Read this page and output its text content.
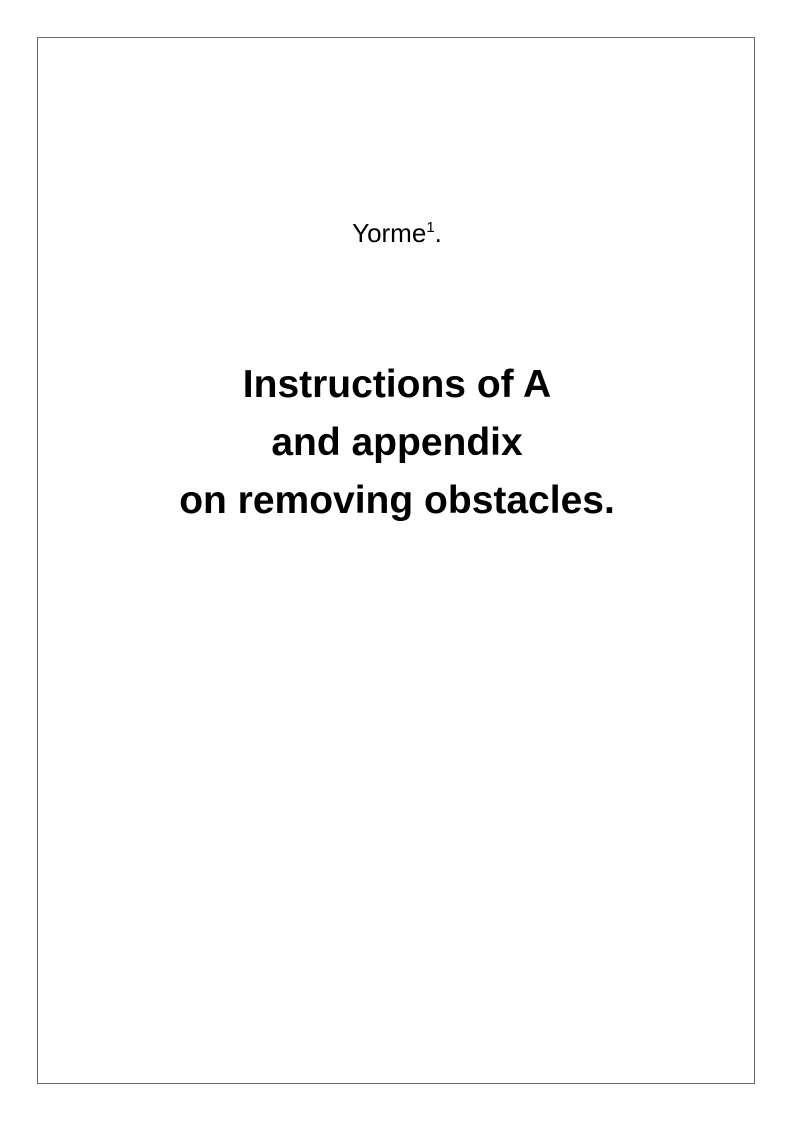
Yorme$^1$.
Instructions of A
and appendix
on removing obstacles.
